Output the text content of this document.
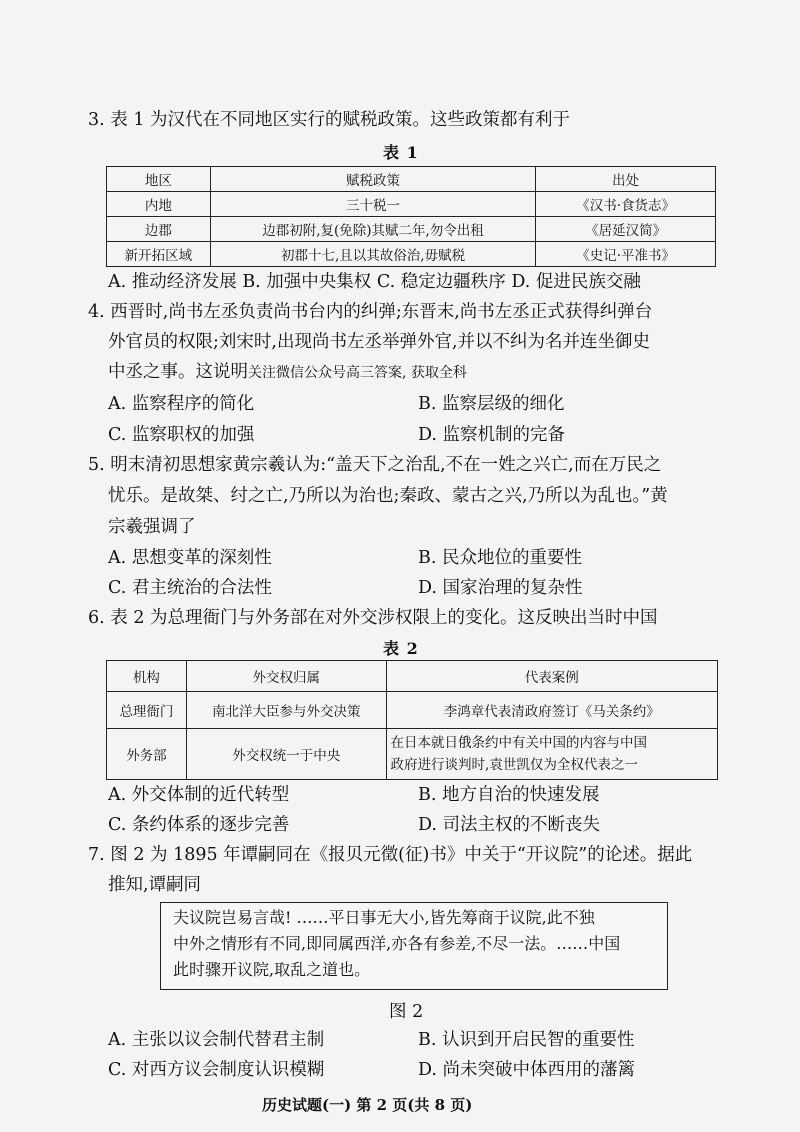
3. 表 1 为汉代在不同地区实行的赋税政策。这些政策都有利于
表 1
地区	赋税政策	出处
内地	三十税一	《汉书·食货志》
边郡	边郡初附,复(免除)其赋二年,勿令出租	《居延汉简》
新开拓区域	初郡十七,且以其故俗治,毋赋税	《史记·平准书》
A. 推动经济发展 B. 加强中央集权 C. 稳定边疆秩序 D. 促进民族交融
4. 西晋时,尚书左丞负责尚书台内的纠弹;东晋末,尚书左丞正式获得纠弹台
外官员的权限;刘宋时,出现尚书左丞举弹外官,并以不纠为名并连坐御史
中丞之事。这说明关注微信公众号高三答案, 获取全科
A. 监察程序的简化	B. 监察层级的细化
C. 监察职权的加强	D. 监察机制的完备
5. 明末清初思想家黄宗羲认为:“盖天下之治乱,不在一姓之兴亡,而在万民之
忧乐。是故桀、纣之亡,乃所以为治也;秦政、蒙古之兴,乃所以为乱也。”黄
宗羲强调了
A. 思想变革的深刻性	B. 民众地位的重要性
C. 君主统治的合法性	D. 国家治理的复杂性
6. 表 2 为总理衙门与外务部在对外交涉权限上的变化。这反映出当时中国
表 2
机构	外交权归属	代表案例
总理衙门	南北洋大臣参与外交决策	李鸿章代表清政府签订《马关条约》
外务部	外交权统一于中央	在日本就日俄条约中有关中国的内容与中国
政府进行谈判时,袁世凯仅为全权代表之一
A. 外交体制的近代转型	B. 地方自治的快速发展
C. 条约体系的逐步完善	D. 司法主权的不断丧失
7. 图 2 为 1895 年谭嗣同在《报贝元徵(征)书》中关于“开议院”的论述。据此
推知,谭嗣同
夫议院岂易言哉! ……平日事无大小,皆先筹商于议院,此不独
中外之情形有不同,即同属西洋,亦各有参差,不尽一法。……中国
此时骤开议院,取乱之道也。
图 2
A. 主张以议会制代替君主制	B. 认识到开启民智的重要性
C. 对西方议会制度认识模糊	D. 尚未突破中体西用的藩篱
历史试题(一) 第 2 页(共 8 页)
